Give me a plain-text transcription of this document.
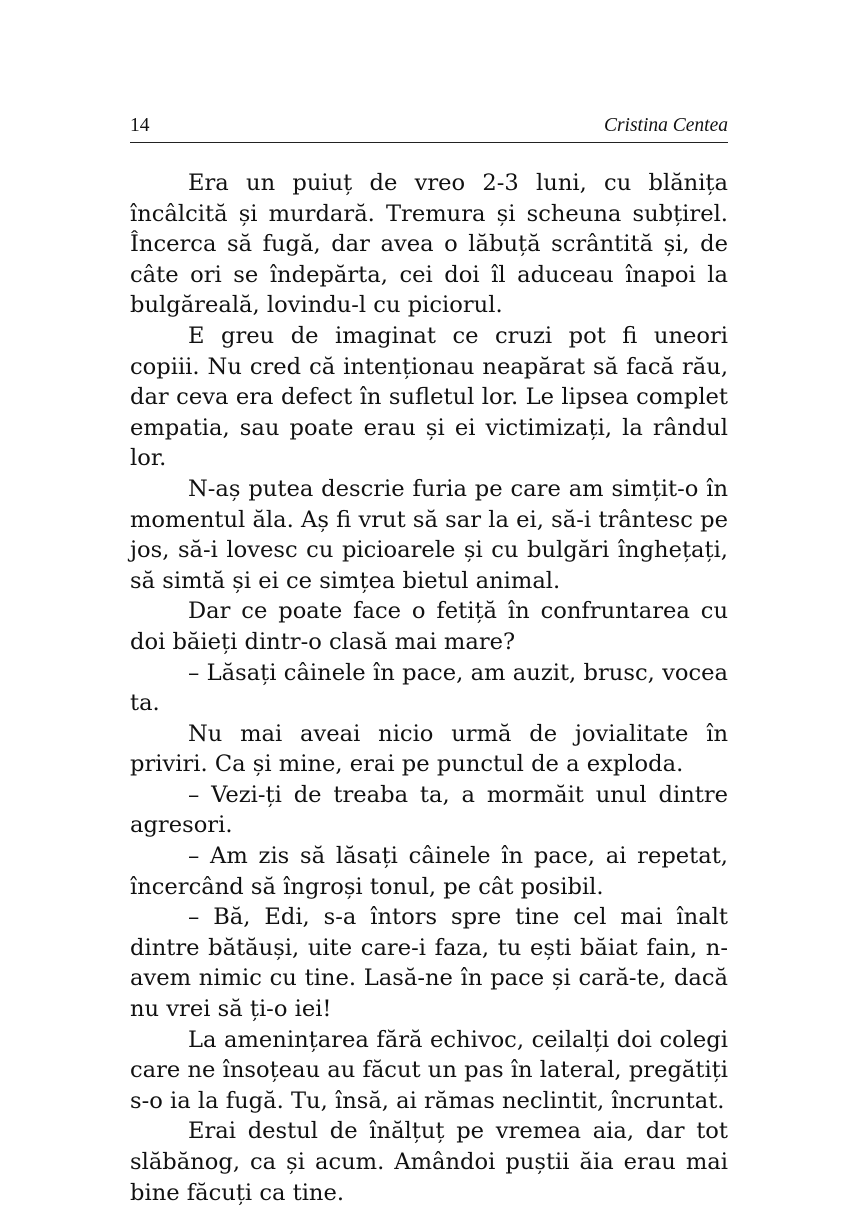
14	Cristina Centea

Era un puiuț de vreo 2-3 luni, cu blănița încâlcită și murdară. Tremura și scheuna subțirel. Încerca să fugă, dar avea o lăbuță scrântită și, de câte ori se îndepărta, cei doi îl aduceau înapoi la bulgăreală, lovindu-l cu piciorul.

E greu de imaginat ce cruzi pot fi uneori copiii. Nu cred că intenționau neapărat să facă rău, dar ceva era defect în sufletul lor. Le lipsea complet empatia, sau poate erau și ei victimizați, la rândul lor.

N-aș putea descrie furia pe care am simțit-o în momentul ăla. Aș fi vrut să sar la ei, să-i trântesc pe jos, să-i lovesc cu picioarele și cu bulgări înghețați, să simtă și ei ce simțea bietul animal.

Dar ce poate face o fetiță în confruntarea cu doi băieți dintr-o clasă mai mare?

– Lăsați câinele în pace, am auzit, brusc, vocea ta.

Nu mai aveai nicio urmă de jovialitate în priviri. Ca și mine, erai pe punctul de a exploda.

– Vezi-ți de treaba ta, a mormăit unul dintre agresori.

– Am zis să lăsați câinele în pace, ai repetat, încercând să îngroși tonul, pe cât posibil.

– Bă, Edi, s-a întors spre tine cel mai înalt dintre bătăuși, uite care-i faza, tu ești băiat fain, n-avem nimic cu tine. Lasă-ne în pace și cară-te, dacă nu vrei să ți-o iei!

La amenințarea fără echivoc, ceilalți doi colegi care ne însoțeau au făcut un pas în lateral, pregătiți s-o ia la fugă. Tu, însă, ai rămas neclintit, încruntat.

Erai destul de înălțuț pe vremea aia, dar tot slăbănog, ca și acum. Amândoi puștii ăia erau mai bine făcuți ca tine.
